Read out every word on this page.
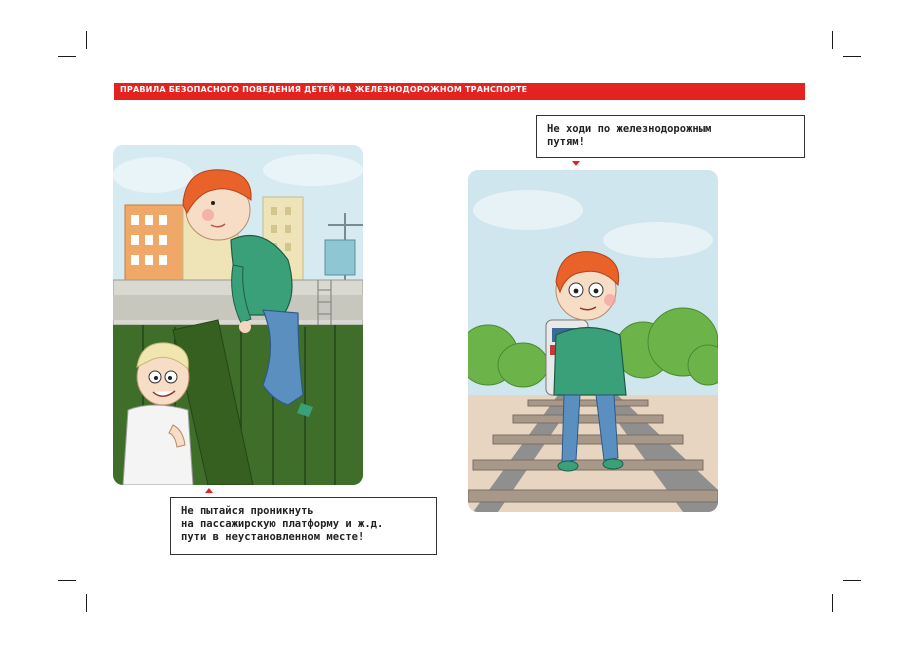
ПРАВИЛА БЕЗОПАСНОГО ПОВЕДЕНИЯ ДЕТЕЙ НА ЖЕЛЕЗНОДОРОЖНОМ ТРАНСПОРТЕ
Не ходи по железнодорожным
путям!
Не пытайся проникнуть
на пассажирскую платформу и ж.д.
пути в неустановленном месте!
